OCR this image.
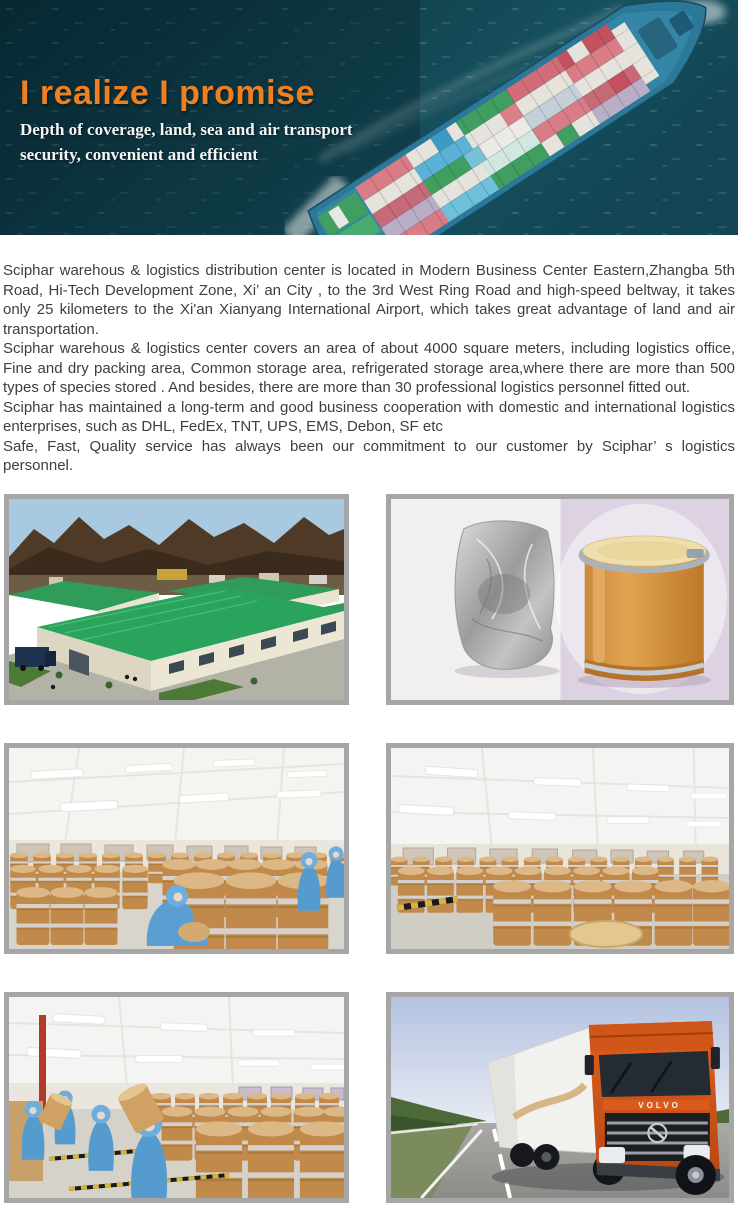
I realize I promise

Depth of coverage, land, sea and air transport
security, convenient and efficient

Sciphar warehous & logistics distribution center is located in Modern Business Center Eastern,Zhangba 5th Road, Hi-Tech Development Zone, Xi’ an City , to the 3rd West Ring Road and high-speed beltway, it takes only 25 kilometers to the Xi'an Xianyang International Airport, which takes great advantage of land and air transportation.

Sciphar warehous & logistics center covers an area of about 4000 square meters, including logistics office, Fine and dry packing area, Common storage area, refrigerated storage area,where there are more than 500 types of species stored . And besides, there are more than 30 professional logistics personnel fitted out.

Sciphar has maintained a long-term and good business cooperation with domestic and international logistics enterprises, such as DHL, FedEx, TNT, UPS, EMS, Debon, SF etc

Safe, Fast, Quality service has always been our commitment to our customer by Sciphar’ s logistics personnel.

VOLVO
